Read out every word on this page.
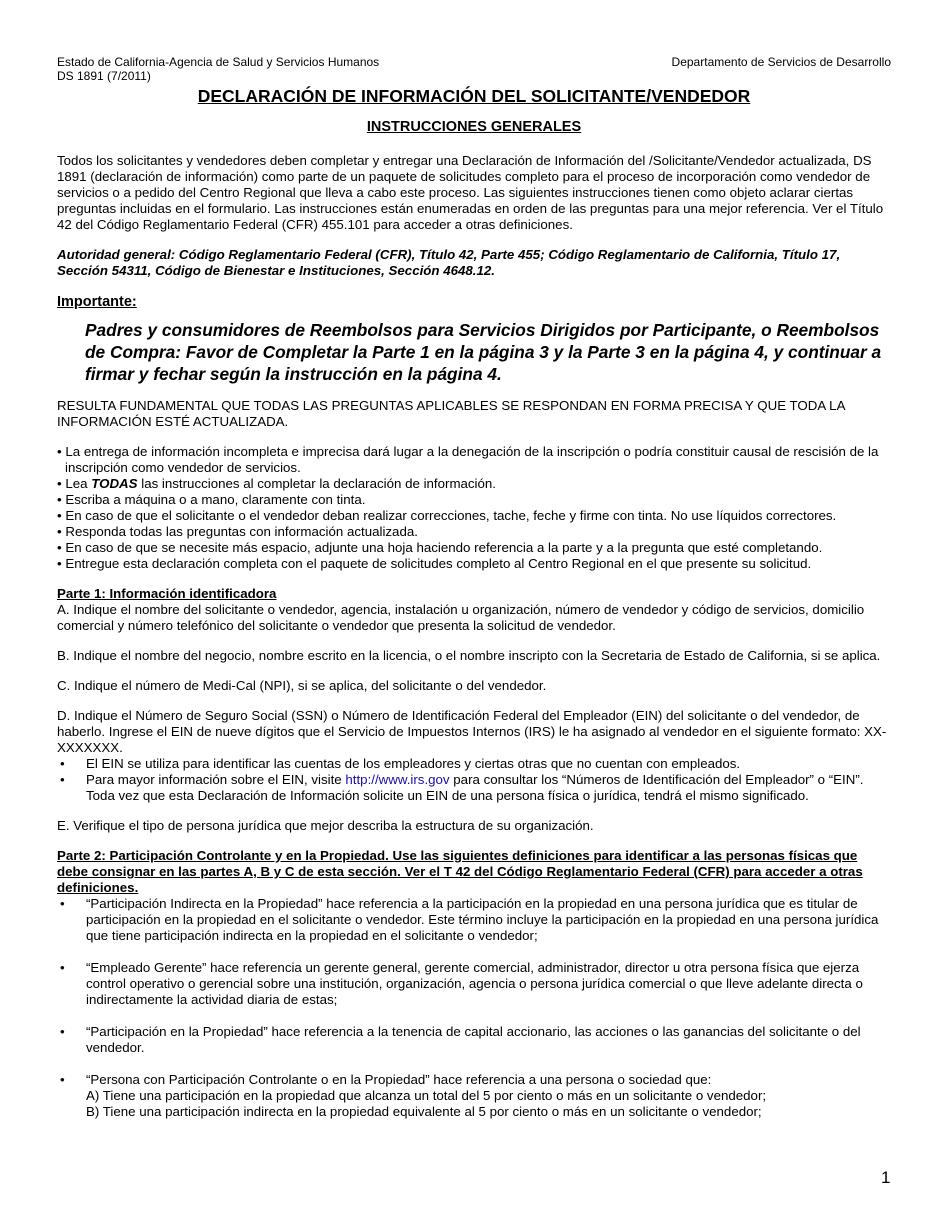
Estado de California-Agencia de Salud y Servicios Humanos	Departamento de Servicios de Desarrollo
DS 1891 (7/2011)
DECLARACIÓN DE INFORMACIÓN DEL SOLICITANTE/VENDEDOR
INSTRUCCIONES GENERALES

Todos los solicitantes y vendedores deben completar y entregar una Declaración de Información del /Solicitante/Vendedor actualizada, DS 1891 (declaración de información) como parte de un paquete de solicitudes completo para el proceso de incorporación como vendedor de servicios o a pedido del Centro Regional que lleva a cabo este proceso. Las siguientes instrucciones tienen como objeto aclarar ciertas preguntas incluidas en el formulario. Las instrucciones están enumeradas en orden de las preguntas para una mejor referencia. Ver el Título 42 del Código Reglamentario Federal (CFR) 455.101 para acceder a otras definiciones.

Autoridad general: Código Reglamentario Federal (CFR), Título 42, Parte 455; Código Reglamentario de California, Título 17, Sección 54311, Código de Bienestar e Instituciones, Sección 4648.12.

Importante:

Padres y consumidores de Reembolsos para Servicios Dirigidos por Participante, o Reembolsos de Compra: Favor de Completar la Parte 1 en la página 3 y la Parte 3 en la página 4, y continuar a firmar y fechar según la instrucción en la página 4.

RESULTA FUNDAMENTAL QUE TODAS LAS PREGUNTAS APLICABLES SE RESPONDAN EN FORMA PRECISA Y QUE TODA LA INFORMACIÓN ESTÉ ACTUALIZADA.

• La entrega de información incompleta e imprecisa dará lugar a la denegación de la inscripción o podría constituir causal de rescisión de la inscripción como vendedor de servicios.
• Lea TODAS las instrucciones al completar la declaración de información.
• Escriba a máquina o a mano, claramente con tinta.
• En caso de que el solicitante o el vendedor deban realizar correcciones, tache, feche y firme con tinta. No use líquidos correctores.
• Responda todas las preguntas con información actualizada.
• En caso de que se necesite más espacio, adjunte una hoja haciendo referencia a la parte y a la pregunta que esté completando.
• Entregue esta declaración completa con el paquete de solicitudes completo al Centro Regional en el que presente su solicitud.
Parte 1: Información identificadora

A. Indique el nombre del solicitante o vendedor, agencia, instalación u organización, número de vendedor y código de servicios, domicilio comercial y número telefónico del solicitante o vendedor que presenta la solicitud de vendedor.

B. Indique el nombre del negocio, nombre escrito en la licencia, o el nombre inscripto con la Secretaria de Estado de California, si se aplica.

C. Indique el número de Medi-Cal (NPI), si se aplica, del solicitante o del vendedor.

D. Indique el Número de Seguro Social (SSN) o Número de Identificación Federal del Empleador (EIN) del solicitante o del vendedor, de haberlo. Ingrese el EIN de nueve dígitos que el Servicio de Impuestos Internos (IRS) le ha asignado al vendedor en el siguiente formato: XX-XXXXXXX.

• El EIN se utiliza para identificar las cuentas de los empleadores y ciertas otras que no cuentan con empleados.
• Para mayor información sobre el EIN, visite http://www.irs.gov para consultar los “Números de Identificación del Empleador” o “EIN”. Toda vez que esta Declaración de Información solicite un EIN de una persona física o jurídica, tendrá el mismo significado.

E. Verifique el tipo de persona jurídica que mejor describa la estructura de su organización.

Parte 2: Participación Controlante y en la Propiedad. Use las siguientes definiciones para identificar a las personas físicas que debe consignar en las partes A, B y C de esta sección. Ver el T 42 del Código Reglamentario Federal (CFR) para acceder a otras definiciones.
• “Participación Indirecta en la Propiedad” hace referencia a la participación en la propiedad en una persona jurídica que es titular de participación en la propiedad en el solicitante o vendedor. Este término incluye la participación en la propiedad en una persona jurídica que tiene participación indirecta en la propiedad en el solicitante o vendedor;
• “Empleado Gerente” hace referencia un gerente general, gerente comercial, administrador, director u otra persona física que ejerza control operativo o gerencial sobre una institución, organización, agencia o persona jurídica comercial o que lleve adelante directa o indirectamente la actividad diaria de estas;
• “Participación en la Propiedad” hace referencia a la tenencia de capital accionario, las acciones o las ganancias del solicitante o del vendedor.
• “Persona con Participación Controlante o en la Propiedad” hace referencia a una persona o sociedad que:
A) Tiene una participación en la propiedad que alcanza un total del 5 por ciento o más en un solicitante o vendedor;
B) Tiene una participación indirecta en la propiedad equivalente al 5 por ciento o más en un solicitante o vendedor;
1
